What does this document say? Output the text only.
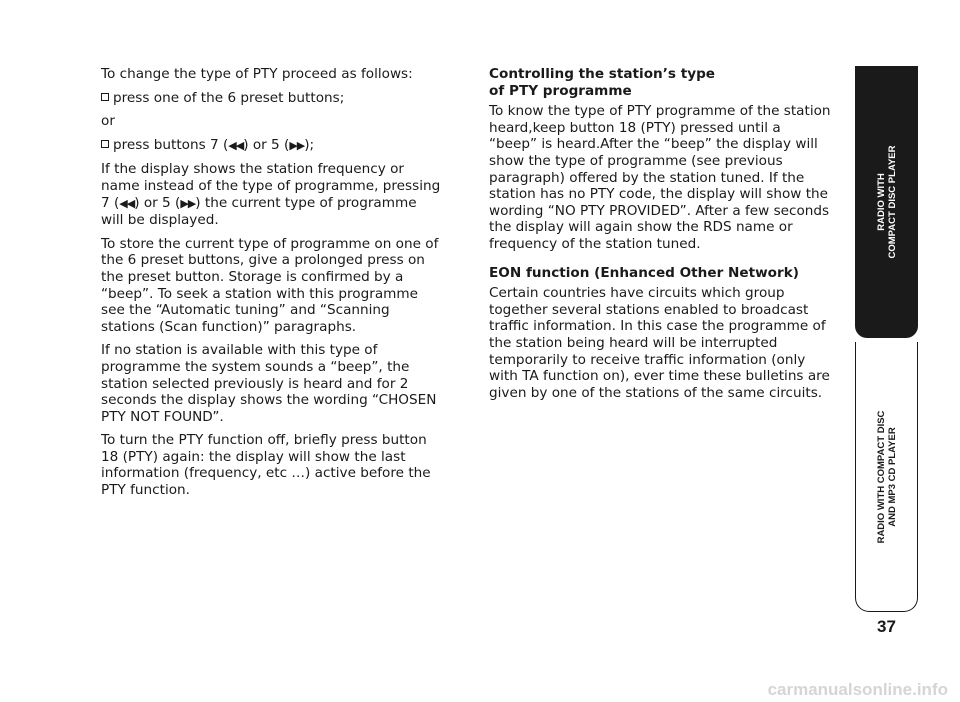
To change the type of PTY proceed as follows:

press one of the 6 preset buttons;

or

press buttons 7 (◀◀) or 5 (▶▶);

If the display shows the station frequency or name instead of the type of programme, pressing 7 (◀◀) or 5 (▶▶) the current type of programme will be displayed.

To store the current type of programme on one of the 6 preset buttons, give a prolonged press on the preset button. Storage is confirmed by a “beep”. To seek a station with this programme see the “Automatic tuning” and “Scanning stations (Scan function)” paragraphs.

If no station is available with this type of programme the system sounds a “beep”, the station selected previously is heard and for 2 seconds the display shows the wording “CHOSEN PTY NOT FOUND”.

To turn the PTY function off, briefly press button 18 (PTY) again: the display will show the last information (frequency, etc …) active before the PTY function.

Controlling the station’s type
of PTY programme

To know the type of PTY programme of the station heard,keep button 18 (PTY) pressed until a “beep” is heard.After the “beep” the display will show the type of programme (see previous paragraph) offered by the station tuned. If the station has no PTY code, the display will show the wording “NO PTY PROVIDED”. After a few seconds the display will again show the RDS name or frequency of the station tuned.

EON function (Enhanced Other Network)

Certain countries have circuits which group together several stations enabled to broadcast traffic information. In this case the programme of the station being heard will be interrupted temporarily to receive traffic information (only with TA function on), ever time these bulletins are given by one of the stations of the same circuits.

RADIO WITH
COMPACT DISC PLAYER
RADIO WITH COMPACT DISC
AND MP3 CD PLAYER
37
carmanualsonline.info
